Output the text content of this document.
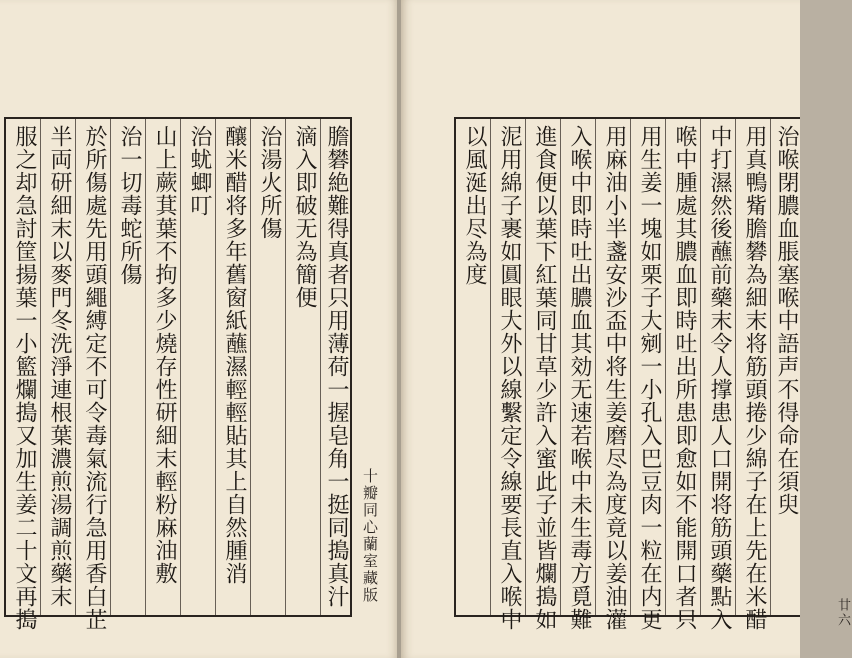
服之却急討筐揚葉一小籃爛搗又加生姜二十文再搗 半両研細末以麥門冬洗淨連根葉濃煎湯調煎藥末 於所傷處先用頭繩縛定不可令毒氣流行急用香白芷 治一切毒蛇所傷 山上蕨萁葉不拘多少燒存性研細末輕粉麻油敷 治蚘蝍叮 釀米醋将多年舊窗紙蘸濕輕輕貼其上自然腫消 治湯火所傷 滴入即破无為簡便 膽礬絶難得真者只用薄荷一握皂角一挺同搗真汁 十瓣同心蘭室藏版
廿六
以風涎出尽為度 泥用綿子裹如圓眼大外以線繫定令線要長直入喉中 進食便以葉下紅葉同甘草少許入蜜此子並皆爛搗如 入喉中即時吐出膿血其効无速若喉中未生毒方覓難 用麻油小半盞安沙盃中将生姜磨尽為度竟以姜油灌 用生姜一塊如栗子大剜一小孔入巴豆肉一粒在内更 喉中腫處其膿血即時吐出所患即愈如不能開口者只 中打濕然後蘸前藥末令人撑患人口開将筋頭藥點入 用真鴨觜膽礬為細末将筋頭捲少綿子在上先在米醋 治喉閉膿血脹塞喉中語声不得命在須臾
